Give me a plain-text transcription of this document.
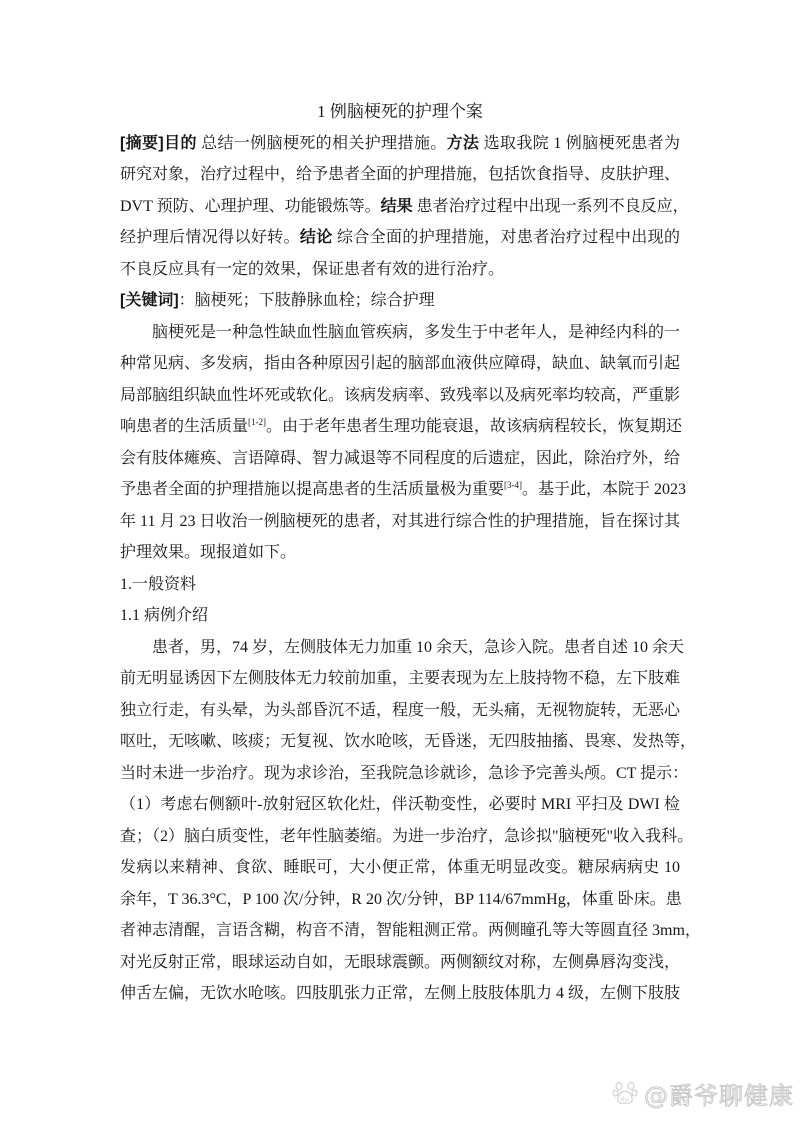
1 例脑梗死的护理个案
[摘要]目的 总结一例脑梗死的相关护理措施。方法 选取我院 1 例脑梗死患者为
研究对象，治疗过程中，给予患者全面的护理措施，包括饮食指导、皮肤护理、
DVT 预防、心理护理、功能锻炼等。结果 患者治疗过程中出现一系列不良反应，
经护理后情况得以好转。结论 综合全面的护理措施，对患者治疗过程中出现的
不良反应具有一定的效果，保证患者有效的进行治疗。
[关键词]：脑梗死；下肢静脉血栓；综合护理
脑梗死是一种急性缺血性脑血管疾病，多发生于中老年人，是神经内科的一
种常见病、多发病，指由各种原因引起的脑部血液供应障碍，缺血、缺氧而引起
局部脑组织缺血性坏死或软化。该病发病率、致残率以及病死率均较高，严重影
响患者的生活质量[1-2]。由于老年患者生理功能衰退，故该病病程较长，恢复期还
会有肢体瘫痪、言语障碍、智力减退等不同程度的后遗症，因此，除治疗外，给
予患者全面的护理措施以提高患者的生活质量极为重要[3-4]。基于此，本院于 2023
年 11 月 23 日收治一例脑梗死的患者，对其进行综合性的护理措施，旨在探讨其
护理效果。现报道如下。
1.一般资料
1.1 病例介绍
患者，男，74 岁，左侧肢体无力加重 10 余天，急诊入院。患者自述 10 余天
前无明显诱因下左侧肢体无力较前加重，主要表现为左上肢持物不稳，左下肢难
独立行走，有头晕，为头部昏沉不适，程度一般，无头痛，无视物旋转，无恶心
呕吐，无咳嗽、咳痰；无复视、饮水呛咳，无昏迷，无四肢抽搐、畏寒、发热等，
当时未进一步治疗。现为求诊治，至我院急诊就诊，急诊予完善头颅。CT 提示：
（1）考虑右侧额叶-放射冠区软化灶，伴沃勒变性，必要时 MRI 平扫及 DWI 检
查；（2）脑白质变性，老年性脑萎缩。为进一步治疗，急诊拟"脑梗死"收入我科。
发病以来精神、食欲、睡眠可，大小便正常，体重无明显改变。糖尿病病史 10
余年，T 36.3°C，P 100 次/分钟，R 20 次/分钟，BP 114/67mmHg，体重 卧床。患
者神志清醒，言语含糊，构音不清，智能粗测正常。两侧瞳孔等大等圆直径 3mm，
对光反射正常，眼球运动自如，无眼球震颤。两侧额纹对称，左侧鼻唇沟变浅，
伸舌左偏，无饮水呛咳。四肢肌张力正常，左侧上肢肢体肌力 4 级，左侧下肢肢
du @爵爷聊健康
